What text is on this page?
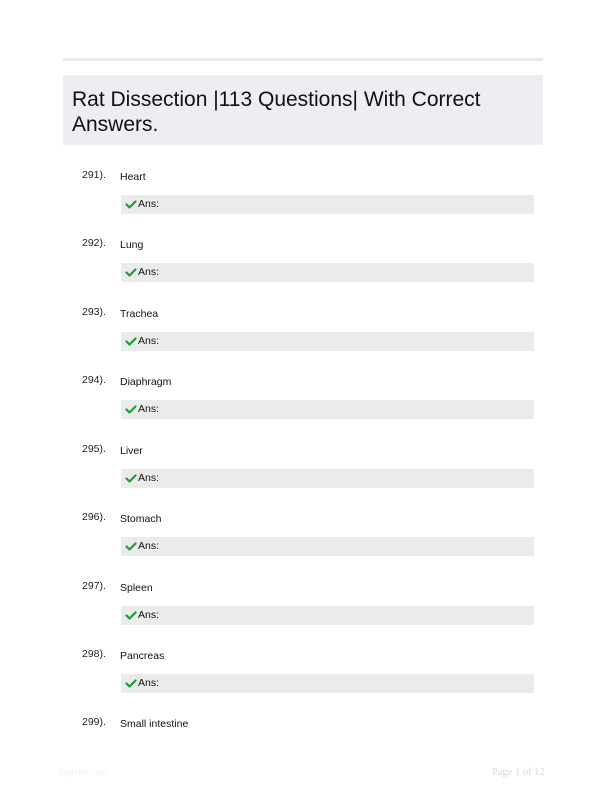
Rat Dissection |113 Questions| With Correct Answers.
291). Heart
Ans:
292). Lung
Ans:
293). Trachea
Ans:
294). Diaphragm
Ans:
295). Liver
Ans:
296). Stomach
Ans:
297). Spleen
Ans:
298). Pancreas
Ans:
299). Small intestine
Paperhtc.com	Page 1 of 12
